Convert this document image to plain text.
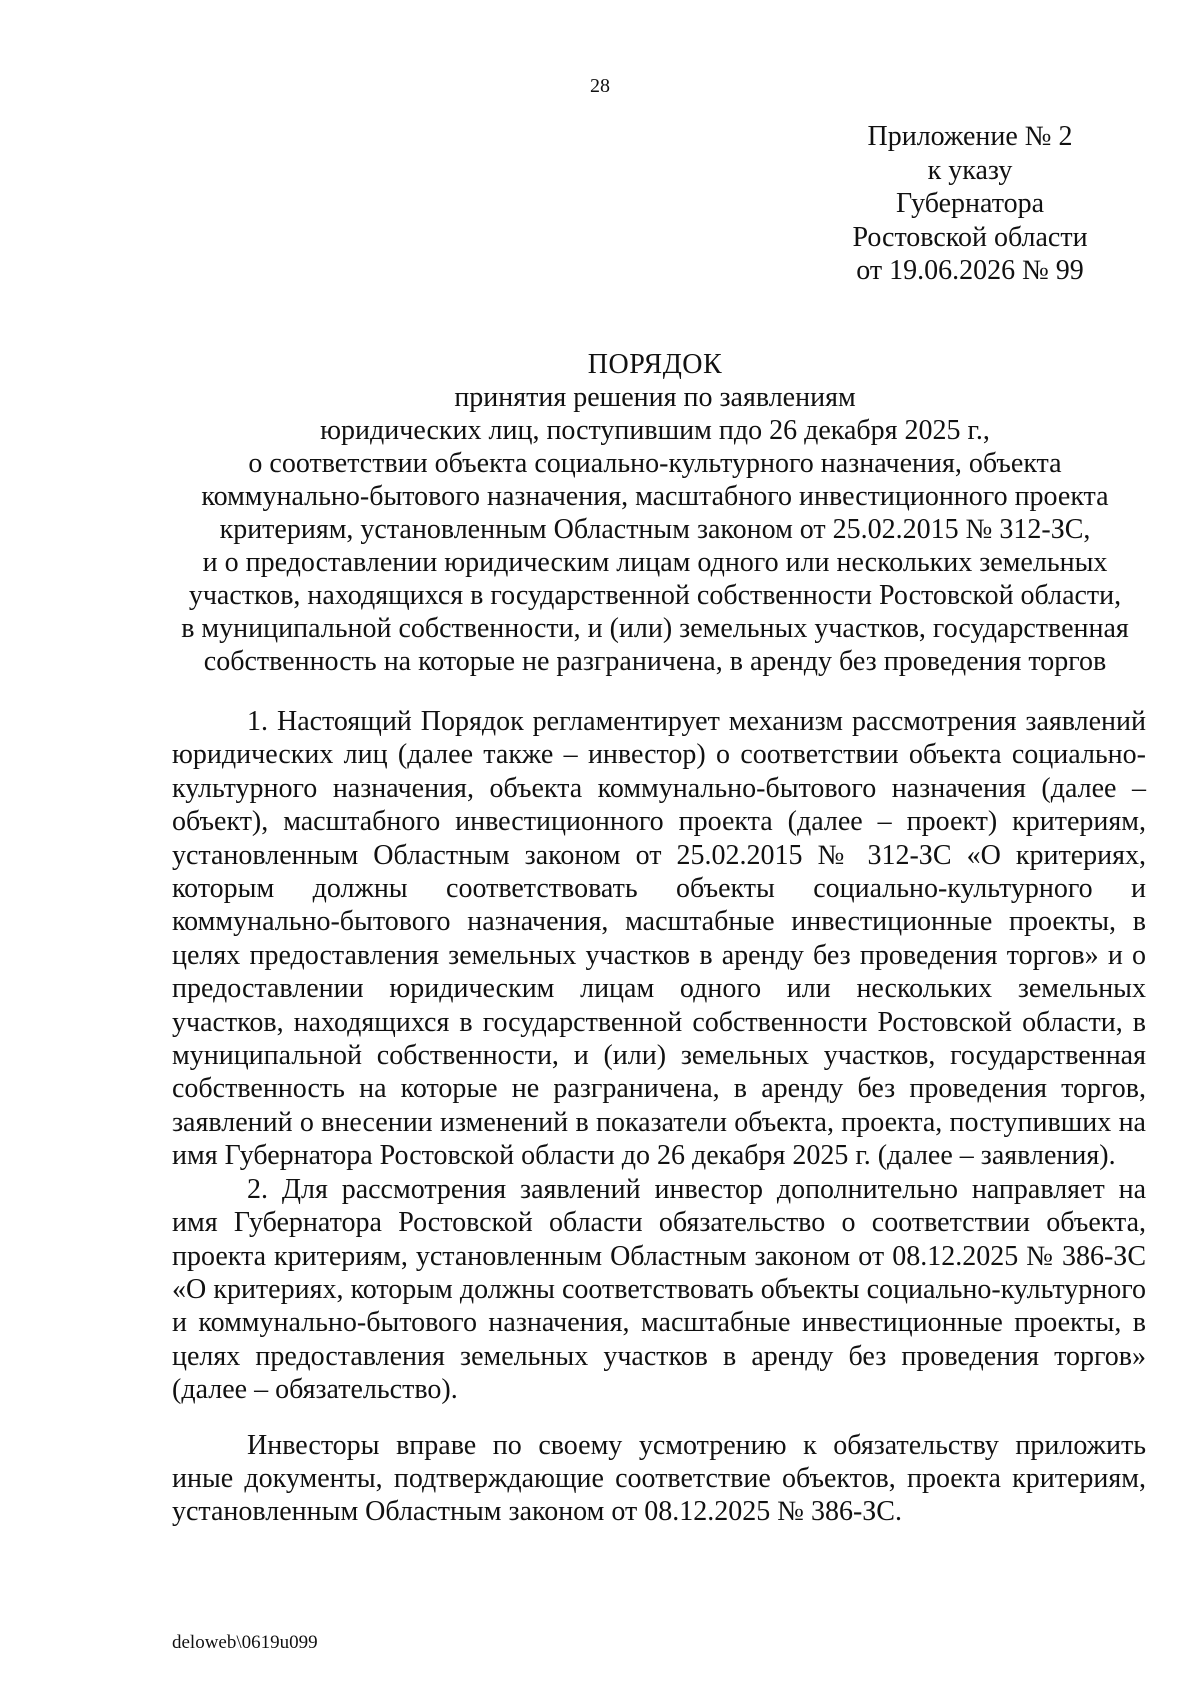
28
Приложение № 2
к указу
Губернатора
Ростовской области
от 19.06.2026 № 99
ПОРЯДОК
принятия решения по заявлениям
юридических лиц, поступившим пдо 26 декабря 2025 г.,
о соответствии объекта социально-культурного назначения, объекта
коммунально-бытового назначения, масштабного инвестиционного проекта
критериям, установленным Областным законом от 25.02.2015 № 312-ЗС,
и о предоставлении юридическим лицам одного или нескольких земельных
участков, находящихся в государственной собственности Ростовской области,
в муниципальной собственности, и (или) земельных участков, государственная
собственность на которые не разграничена, в аренду без проведения торгов

1. Настоящий Порядок регламентирует механизм рассмотрения заявлений юридических лиц (далее также – инвестор) о соответствии объекта социально-культурного назначения, объекта коммунально-бытового назначения (далее – объект), масштабного инвестиционного проекта (далее – проект) критериям, установленным Областным законом от 25.02.2015 № 312-ЗС «О критериях, которым должны соответствовать объекты социально-культурного и коммунально-бытового назначения, масштабные инвестиционные проекты, в целях предоставления земельных участков в аренду без проведения торгов» и о предоставлении юридическим лицам одного или нескольких земельных участков, находящихся в государственной собственности Ростовской области, в муниципальной собственности, и (или) земельных участков, государственная собственность на которые не разграничена, в аренду без проведения торгов, заявлений о внесении изменений в показатели объекта, проекта, поступивших на имя Губернатора Ростовской области до 26 декабря 2025 г. (далее – заявления).

2. Для рассмотрения заявлений инвестор дополнительно направляет на имя Губернатора Ростовской области обязательство о соответствии объекта, проекта критериям, установленным Областным законом от 08.12.2025 № 386-ЗС «О критериях, которым должны соответствовать объекты социально-культурного и коммунально-бытового назначения, масштабные инвестиционные проекты, в целях предоставления земельных участков в аренду без проведения торгов» (далее – обязательство).

Инвесторы вправе по своему усмотрению к обязательству приложить иные документы, подтверждающие соответствие объектов, проекта критериям, установленным Областным законом от 08.12.2025 № 386-ЗС.

deloweb\0619u099
